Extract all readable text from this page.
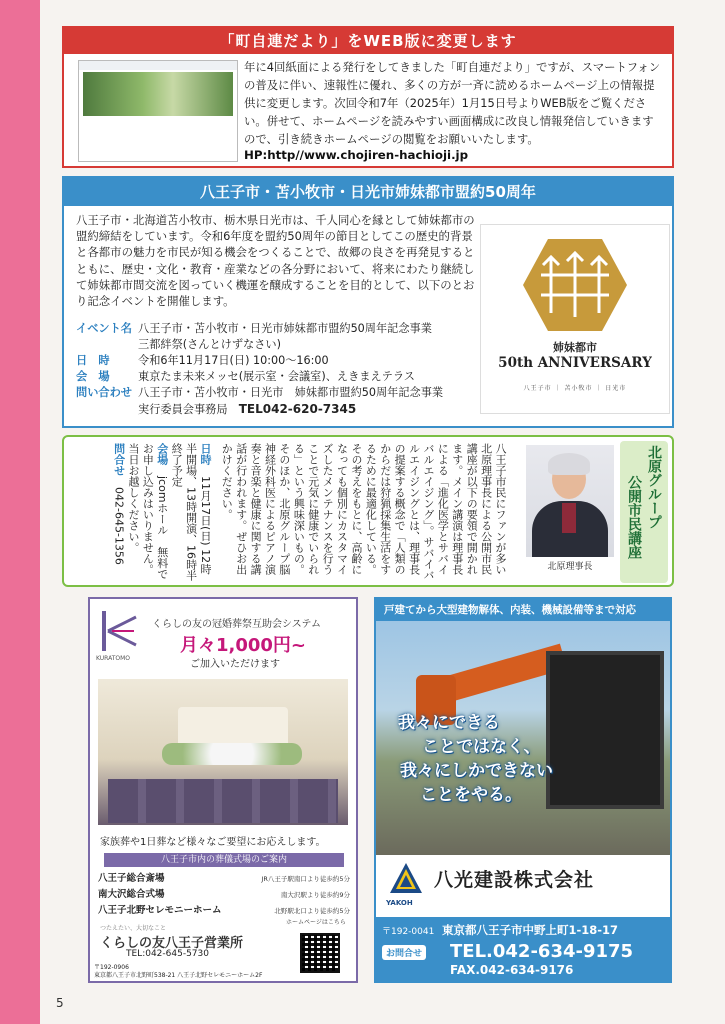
「町自連だより」をWEB版に変更します
年に4回紙面による発行をしてきました「町自連だより」ですが、スマートフォンの普及に伴い、速報性に優れ、多くの方が一斉に読めるホームページ上の情報提供に変更します。次回令和7年（2025年）1月15日号よりWEB版をご覧ください。併せて、ホームページを読みやすい画面構成に改良し情報発信していきますので、引き続きホームページの閲覧をお願いいたします。
HP:http//www.chojiren-hachioji.jp
八王子市・苫小牧市・日光市姉妹都市盟約50周年
八王子市・北海道苫小牧市、栃木県日光市は、千人同心を縁として姉妹都市の盟約締結をしています。令和6年度を盟約50周年の節目としてこの歴史的背景と各都市の魅力を市民が知る機会をつくることで、故郷の良さを再発見するとともに、歴史・文化・教育・産業などの各分野において、将来にわたり継続して姉妹都市間交流を図っていく機運を醸成することを目的として、以下のとおり記念イベントを開催します。
イベント名 八王子市・苫小牧市・日光市姉妹都市盟約50周年記念事業
三都絆祭(さんとけずなさい)
日　時	令和6年11月17日(日) 10:00〜16:00
会　場	東京たま未来メッセ(展示室・会議室)、えきまえテラス
問い合わせ 八王子市・苫小牧市・日光市　姉妹都市盟約50周年記念事業
実行委員会事務局　 TEL042-620-7345
姉妹都市
50th ANNIVERSARY
八王子市 ｜ 苫小牧市 ｜ 日光市
北原グループ
公開市民講座
北原理事長
八王子市民にファンが多い北原理事長による公開市民講座が以下の要領で開かれます。メイン講演は理事長による「進化医学とサバイバルエイジング」。サバイバルエイジングとは、理事長の提案する概念で「人類のからだは狩猟採集生活をするために最適化している。その考えをもとに、高齢になっても個別にカスタマイズしたメンテナンスを行うことで元気に健康でいられる」という興味深いもの。そのほか、北原グループ脳神経外科医によるピアノ演奏と音楽と健康に関する講話が行われます。ぜひお出かけください。
日時　11月17日(日) 12時半開場、13時開演、16時半終了予定
会場　jcomホール　無料でお申し込みはいりません。当日お越しください。
問合せ　042-645-1356
KURATOMO
くらしの友の冠婚葬祭互助会システム
月々1,000円~
ご加入いただけます
家族葬や1日葬など様々なご要望にお応えします。
八王子市内の葬儀式場のご案内
八王子総合斎場	JR八王子駅南口より徒歩約5分
南大沢総合式場	南大沢駅より徒歩約9分
八王子北野セレモニーホーム	北野駅北口より徒歩約5分
つたえたい、大切なこと
くらしの友八王子営業所
TEL:042-645-5730
〒192-0906
東京都八王子市北野町538-21 八王子北野セレモニーホーム2F
ホームページはこちら
戸建てから大型建物解体、内装、機械設備等まで対応
我々にできる
ことではなく、
我々にしかできない
ことをやる。
YAKOH
八光建設株式会社
〒192-0041 東京都八王子市中野上町1-18-17
お問合せ TEL.042-634-9175
FAX.042-634-9176
5
